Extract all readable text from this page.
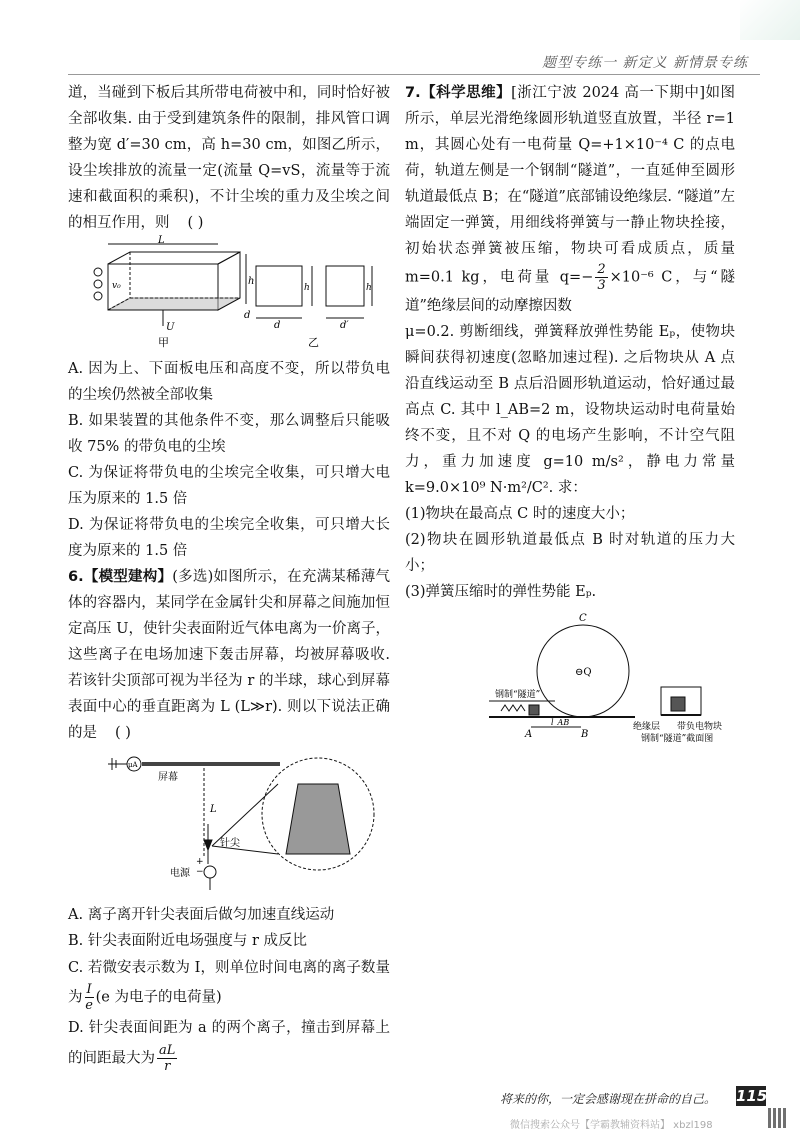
题型专练一 新定义 新情景专练

道，当碰到下板后其所带电荷被中和，同时恰好被全部收集. 由于受到建筑条件的限制，排风管口调整为宽 d′=30 cm，高 h=30 cm，如图乙所示，设尘埃排放的流量一定(流量 Q=vS，流量等于流速和截面积的乘积)，不计尘埃的重力及尘埃之间的相互作用，则 ( )

L
h
d
v₀
U
甲
d	d′
h	h
乙

A. 因为上、下面板电压和高度不变，所以带负电的尘埃仍然被全部收集

B. 如果装置的其他条件不变，那么调整后只能吸收 75% 的带负电的尘埃

C. 为保证将带负电的尘埃完全收集，可只增大电压为原来的 1.5 倍

D. 为保证将带负电的尘埃完全收集，可只增大长度为原来的 1.5 倍

6.【模型建构】(多选)如图所示，在充满某稀薄气体的容器内，某同学在金属针尖和屏幕之间施加恒定高压 U，使针尖表面附近气体电离为一价离子，这些离子在电场加速下轰击屏幕，均被屏幕吸收. 若该针尖顶部可视为半径为 r 的半球，球心到屏幕表面中心的垂直距离为 L (L≫r). 则以下说法正确的是 ( )

μA
屏幕
L
针尖
电源
+
−

A. 离子离开针尖表面后做匀加速直线运动

B. 针尖表面附近电场强度与 r 成反比

C. 若微安表示数为 I，则单位时间电离的离子数量为 $\frac{I}{e} (e$ 为电子的电荷量)

D. 针尖表面间距为 a 的两个离子，撞击到屏幕上的间距最大为 $\frac{aL}{r}$

7.【科学思维】[浙江宁波 2024 高一下期中]如图所示，单层光滑绝缘圆形轨道竖直放置，半径 r=1 m，其圆心处有一电荷量 Q=+1×10⁻⁴ C 的点电荷，轨道左侧是一个钢制“隧道”，一直延伸至圆形轨道最低点 B；在“隧道”底部铺设绝缘层. “隧道”左端固定一弹簧，用细线将弹簧与一静止物块拴接，初始状态弹簧被压缩，物块可看成质点，质量 m=0.1 kg，电荷量 $q=- \frac{2}{3} \times 10^{-6}$ C，与“隧道”绝缘层间的动摩擦因数

μ=0.2. 剪断细线，弹簧释放弹性势能 Eₚ，使物块瞬间获得初速度(忽略加速过程). 之后物块从 A 点沿直线运动至 B 点后沿圆形轨道运动，恰好通过最高点 C. 其中 l_AB=2 m，设物块运动时电荷量始终不变，且不对 Q 的电场产生影响，不计空气阻力，重力加速度 g=10 m/s²，静电力常量 k=9.0×10⁹ N·m²/C². 求：

(1)物块在最高点 C 时的速度大小；

(2)物块在圆形轨道最低点 B 时对轨道的压力大小；

(3)弹簧压缩时的弹性势能 Eₚ.

C
⊖Q
钢制“隧道”
A	B
l_AB	绝缘层 带负电物块
钢制“隧道”截面图
将来的你，一定会感谢现在拼命的自己。 115
微信搜索公众号【学霸教辅资料站】 xbzl198
